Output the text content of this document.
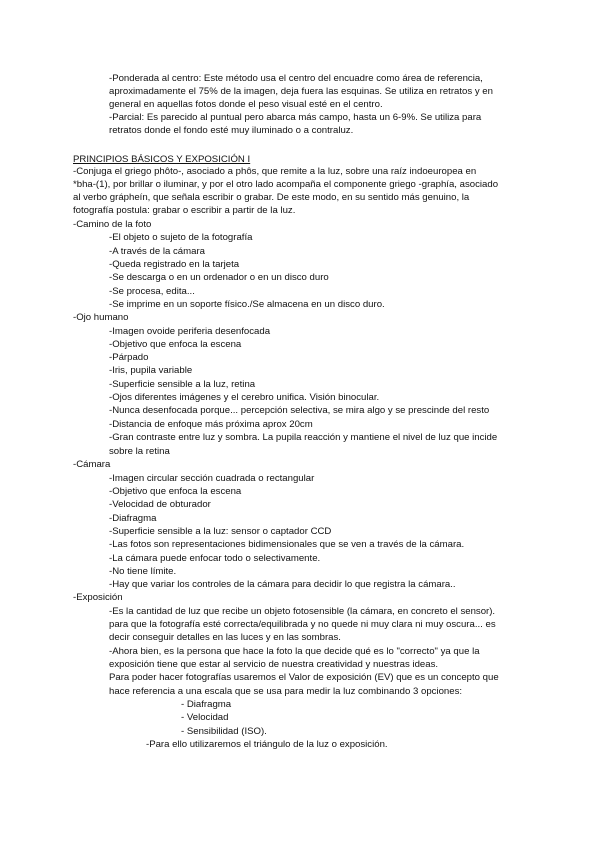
-Ponderada al centro: Este método usa el centro del encuadre como área de referencia,
aproximadamente el 75% de la imagen, deja fuera las esquinas. Se utiliza en retratos y en
general en aquellas fotos donde el peso visual esté en el centro.
-Parcial: Es parecido al puntual pero abarca más campo, hasta un 6-9%. Se utiliza para
retratos donde el fondo esté muy iluminado o a contraluz.
PRINCIPIOS BÁSICOS Y EXPOSICIÓN I
-Conjuga el griego phôto-, asociado a phôs, que remite a la luz, sobre una raíz indoeuropea en
*bha-(1), por brillar o iluminar, y por el otro lado acompaña el componente griego -graphía, asociado
al verbo grápheín, que señala escribir o grabar. De este modo, en su sentido más genuino, la
fotografía postula: grabar o escribir a partir de la luz.
-Camino de la foto
-El objeto o sujeto de la fotografía
-A través de la cámara
-Queda registrado en la tarjeta
-Se descarga o en un ordenador o en un disco duro
-Se procesa, edita...
-Se imprime en un soporte físico./Se almacena en un disco duro.
-Ojo humano
-Imagen ovoide periferia desenfocada
-Objetivo que enfoca la escena
-Párpado
-Iris, pupila variable
-Superficie sensible a la luz, retina
-Ojos diferentes imágenes y el cerebro unifica. Visión binocular.
-Nunca desenfocada porque... percepción selectiva, se mira algo y se prescinde del resto
-Distancia de enfoque más próxima aprox 20cm
-Gran contraste entre luz y sombra. La pupila reacción y mantiene el nivel de luz que incide
sobre la retina
-Cámara
-Imagen circular sección cuadrada o rectangular
-Objetivo que enfoca la escena
-Velocidad de obturador
-Diafragma
-Superficie sensible a la luz: sensor o captador CCD
-Las fotos son representaciones bidimensionales que se ven a través de la cámara.
-La cámara puede enfocar todo o selectivamente.
-No tiene límite.
-Hay que variar los controles de la cámara para decidir lo que registra la cámara..
-Exposición
-Es la cantidad de luz que recibe un objeto fotosensible (la cámara, en concreto el sensor).
para que la fotografía esté correcta/equilibrada y no quede ni muy clara ni muy oscura... es
decir conseguir detalles en las luces y en las sombras.
-Ahora bien, es la persona que hace la foto la que decide qué es lo "correcto" ya que la
exposición tiene que estar al servicio de nuestra creatividad y nuestras ideas.
Para poder hacer fotografías usaremos el Valor de exposición (EV) que es un concepto que
hace referencia a una escala que se usa para medir la luz combinando 3 opciones:
- Diafragma
- Velocidad
- Sensibilidad (ISO).
-Para ello utilizaremos el triángulo de la luz o exposición.
